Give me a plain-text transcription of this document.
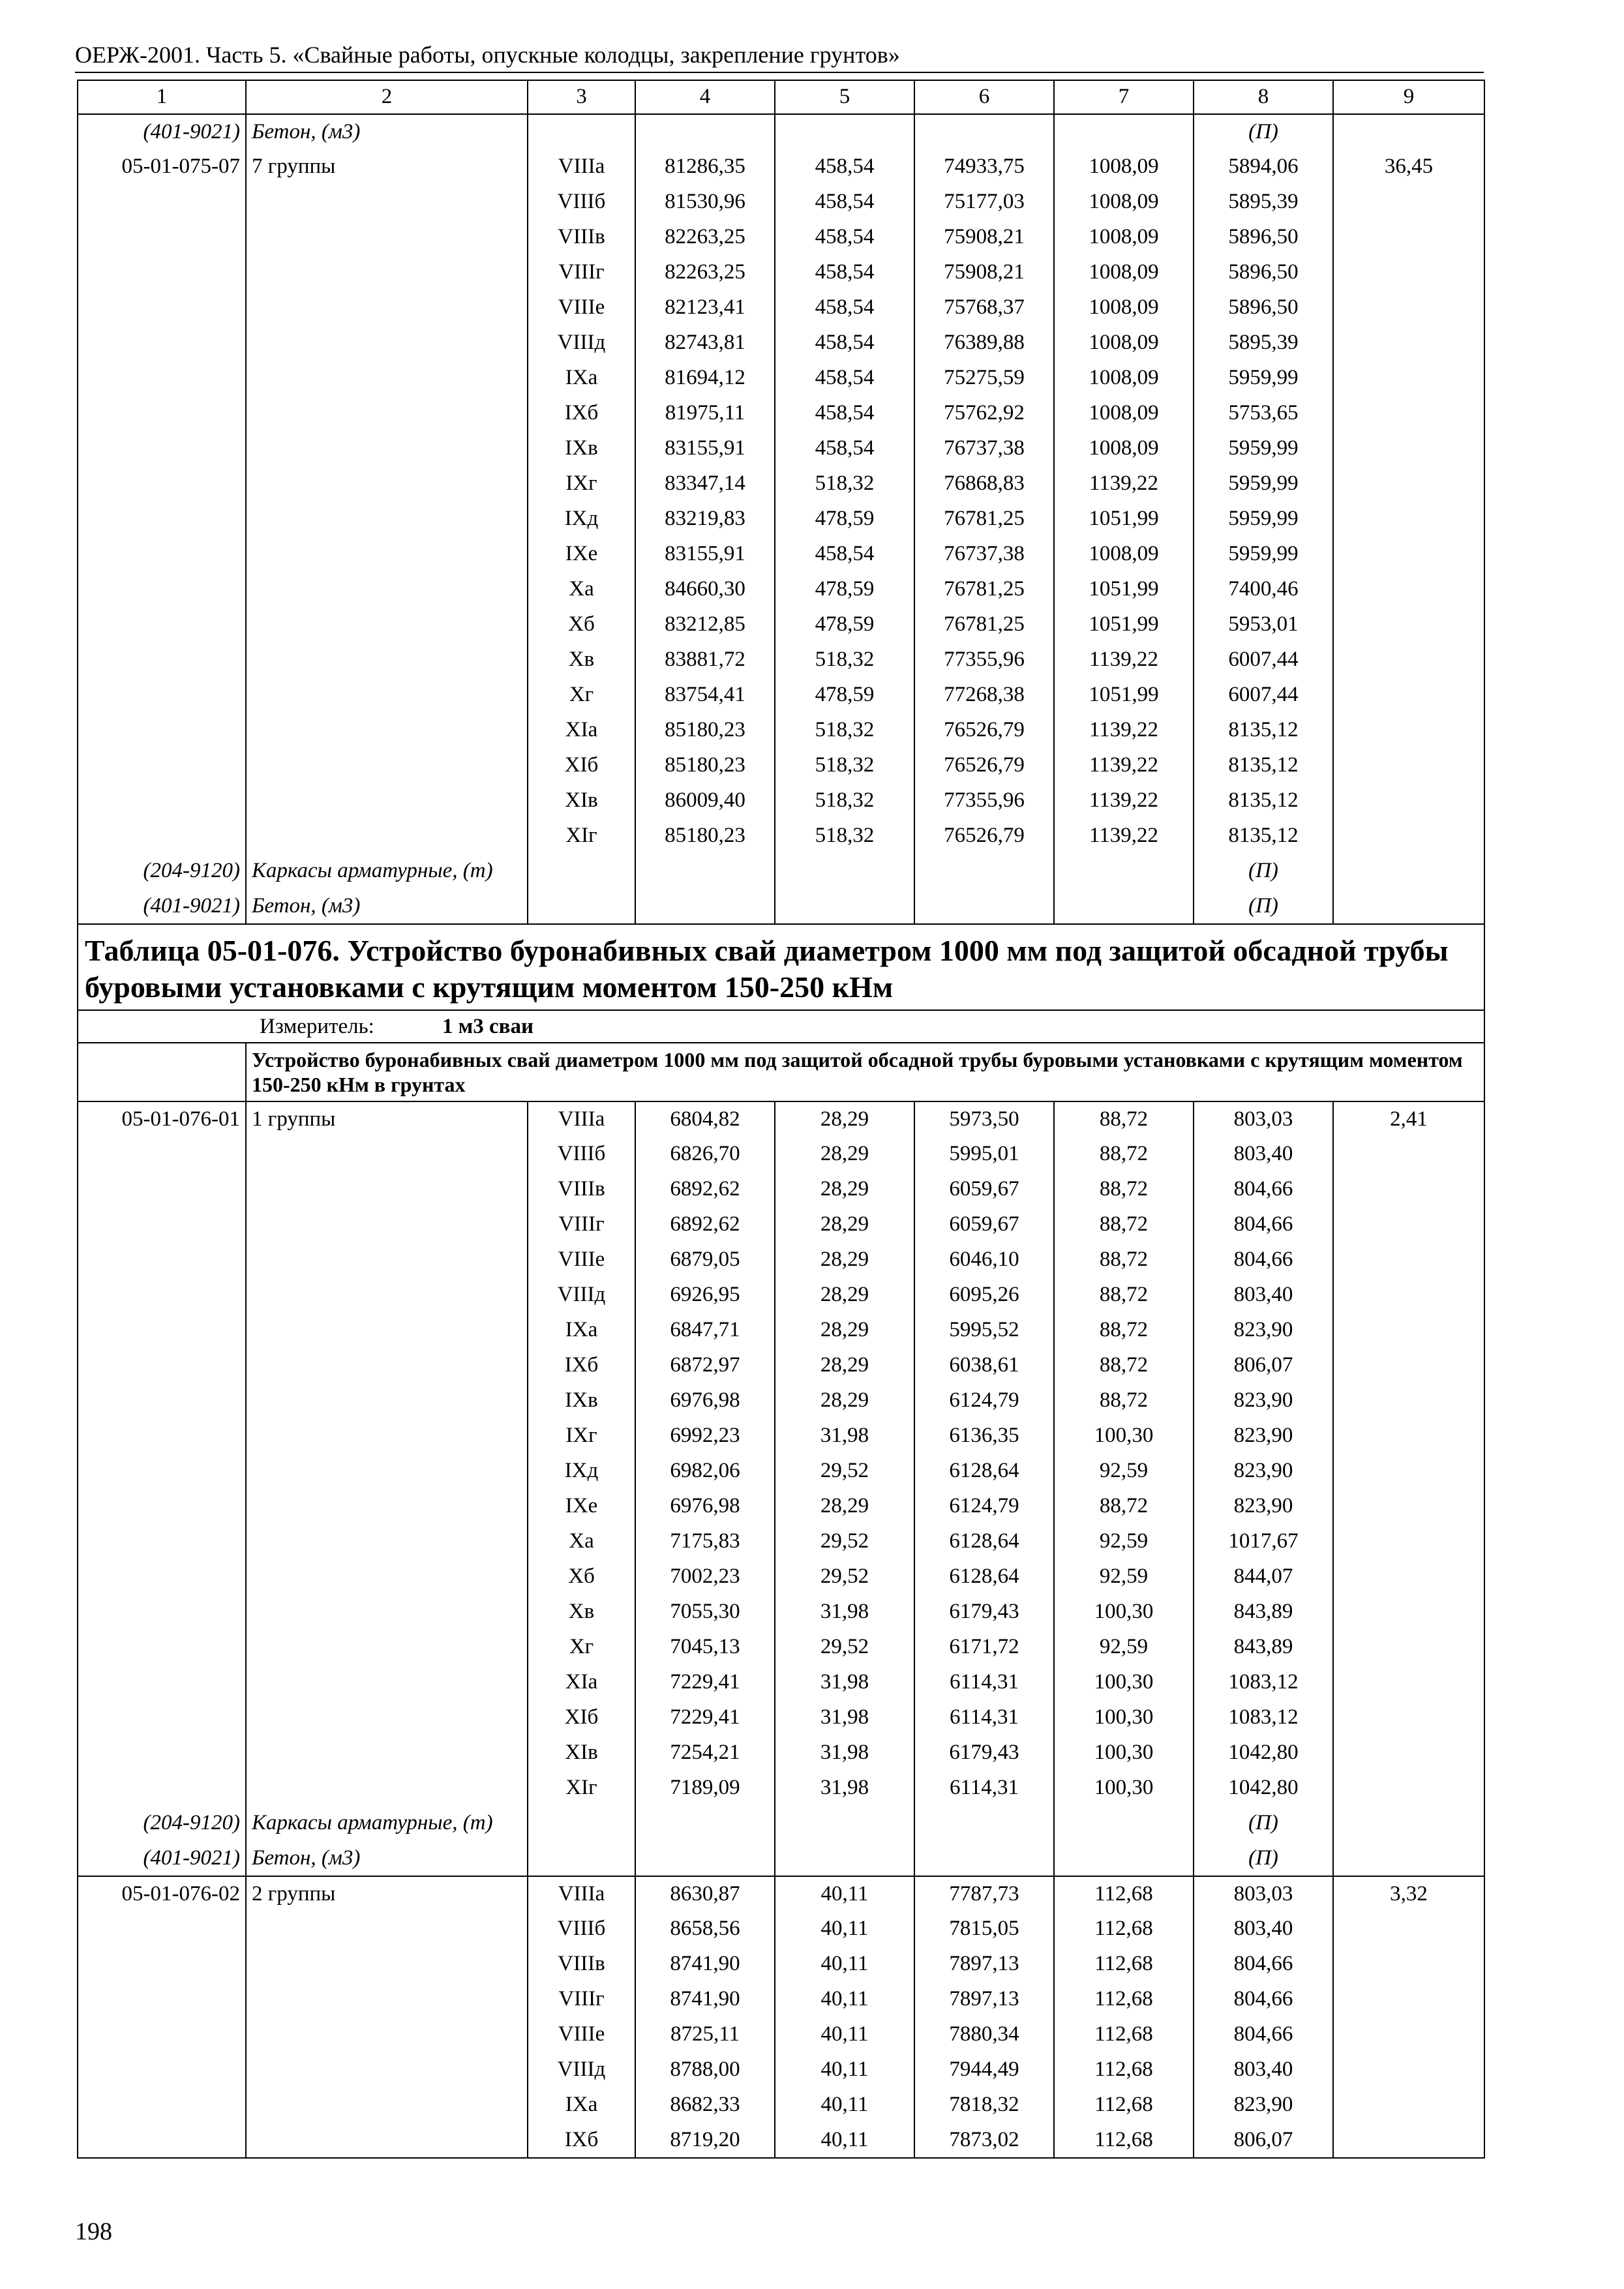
ОЕРЖ-2001. Часть 5. «Свайные работы, опускные колодцы, закрепление грунтов»
1	2	3	4	5	6	7	8	9
(401-9021)	Бетон, (м3)						(П)	
05-01-075-07	7 группы	VIIIа	81286,35	458,54	74933,75	1008,09	5894,06	36,45
		VIIIб	81530,96	458,54	75177,03	1008,09	5895,39	
		VIIIв	82263,25	458,54	75908,21	1008,09	5896,50	
		VIIIг	82263,25	458,54	75908,21	1008,09	5896,50	
		VIIIе	82123,41	458,54	75768,37	1008,09	5896,50	
		VIIIд	82743,81	458,54	76389,88	1008,09	5895,39	
		IXа	81694,12	458,54	75275,59	1008,09	5959,99	
		IXб	81975,11	458,54	75762,92	1008,09	5753,65	
		IXв	83155,91	458,54	76737,38	1008,09	5959,99	
		IXг	83347,14	518,32	76868,83	1139,22	5959,99	
		IXд	83219,83	478,59	76781,25	1051,99	5959,99	
		IXе	83155,91	458,54	76737,38	1008,09	5959,99	
		Xа	84660,30	478,59	76781,25	1051,99	7400,46	
		Xб	83212,85	478,59	76781,25	1051,99	5953,01	
		Xв	83881,72	518,32	77355,96	1139,22	6007,44	
		Xг	83754,41	478,59	77268,38	1051,99	6007,44	
		XIа	85180,23	518,32	76526,79	1139,22	8135,12	
		XIб	85180,23	518,32	76526,79	1139,22	8135,12	
		XIв	86009,40	518,32	77355,96	1139,22	8135,12	
		XIг	85180,23	518,32	76526,79	1139,22	8135,12	
(204-9120)	Каркасы арматурные, (т)						(П)	
(401-9021)	Бетон, (м3)						(П)	
Таблица 05-01-076. Устройство буронабивных свай диаметром 1000 мм под защитой обсадной трубы буровыми установками с крутящим моментом 150-250 кНм								
Измеритель: 1 м3 сваи								
	Устройство буронабивных свай диаметром 1000 мм под защитой обсадной трубы буровыми установками с крутящим моментом 150-250 кНм в грунтах							
05-01-076-01	1 группы	VIIIа	6804,82	28,29	5973,50	88,72	803,03	2,41
		VIIIб	6826,70	28,29	5995,01	88,72	803,40	
		VIIIв	6892,62	28,29	6059,67	88,72	804,66	
		VIIIг	6892,62	28,29	6059,67	88,72	804,66	
		VIIIе	6879,05	28,29	6046,10	88,72	804,66	
		VIIIд	6926,95	28,29	6095,26	88,72	803,40	
		IXа	6847,71	28,29	5995,52	88,72	823,90	
		IXб	6872,97	28,29	6038,61	88,72	806,07	
		IXв	6976,98	28,29	6124,79	88,72	823,90	
		IXг	6992,23	31,98	6136,35	100,30	823,90	
		IXд	6982,06	29,52	6128,64	92,59	823,90	
		IXе	6976,98	28,29	6124,79	88,72	823,90	
		Xа	7175,83	29,52	6128,64	92,59	1017,67	
		Xб	7002,23	29,52	6128,64	92,59	844,07	
		Xв	7055,30	31,98	6179,43	100,30	843,89	
		Xг	7045,13	29,52	6171,72	92,59	843,89	
		XIа	7229,41	31,98	6114,31	100,30	1083,12	
		XIб	7229,41	31,98	6114,31	100,30	1083,12	
		XIв	7254,21	31,98	6179,43	100,30	1042,80	
		XIг	7189,09	31,98	6114,31	100,30	1042,80	
(204-9120)	Каркасы арматурные, (т)						(П)	
(401-9021)	Бетон, (м3)						(П)	
05-01-076-02	2 группы	VIIIа	8630,87	40,11	7787,73	112,68	803,03	3,32
		VIIIб	8658,56	40,11	7815,05	112,68	803,40	
		VIIIв	8741,90	40,11	7897,13	112,68	804,66	
		VIIIг	8741,90	40,11	7897,13	112,68	804,66	
		VIIIе	8725,11	40,11	7880,34	112,68	804,66	
		VIIIд	8788,00	40,11	7944,49	112,68	803,40	
		IXа	8682,33	40,11	7818,32	112,68	823,90	
		IXб	8719,20	40,11	7873,02	112,68	806,07	
198
